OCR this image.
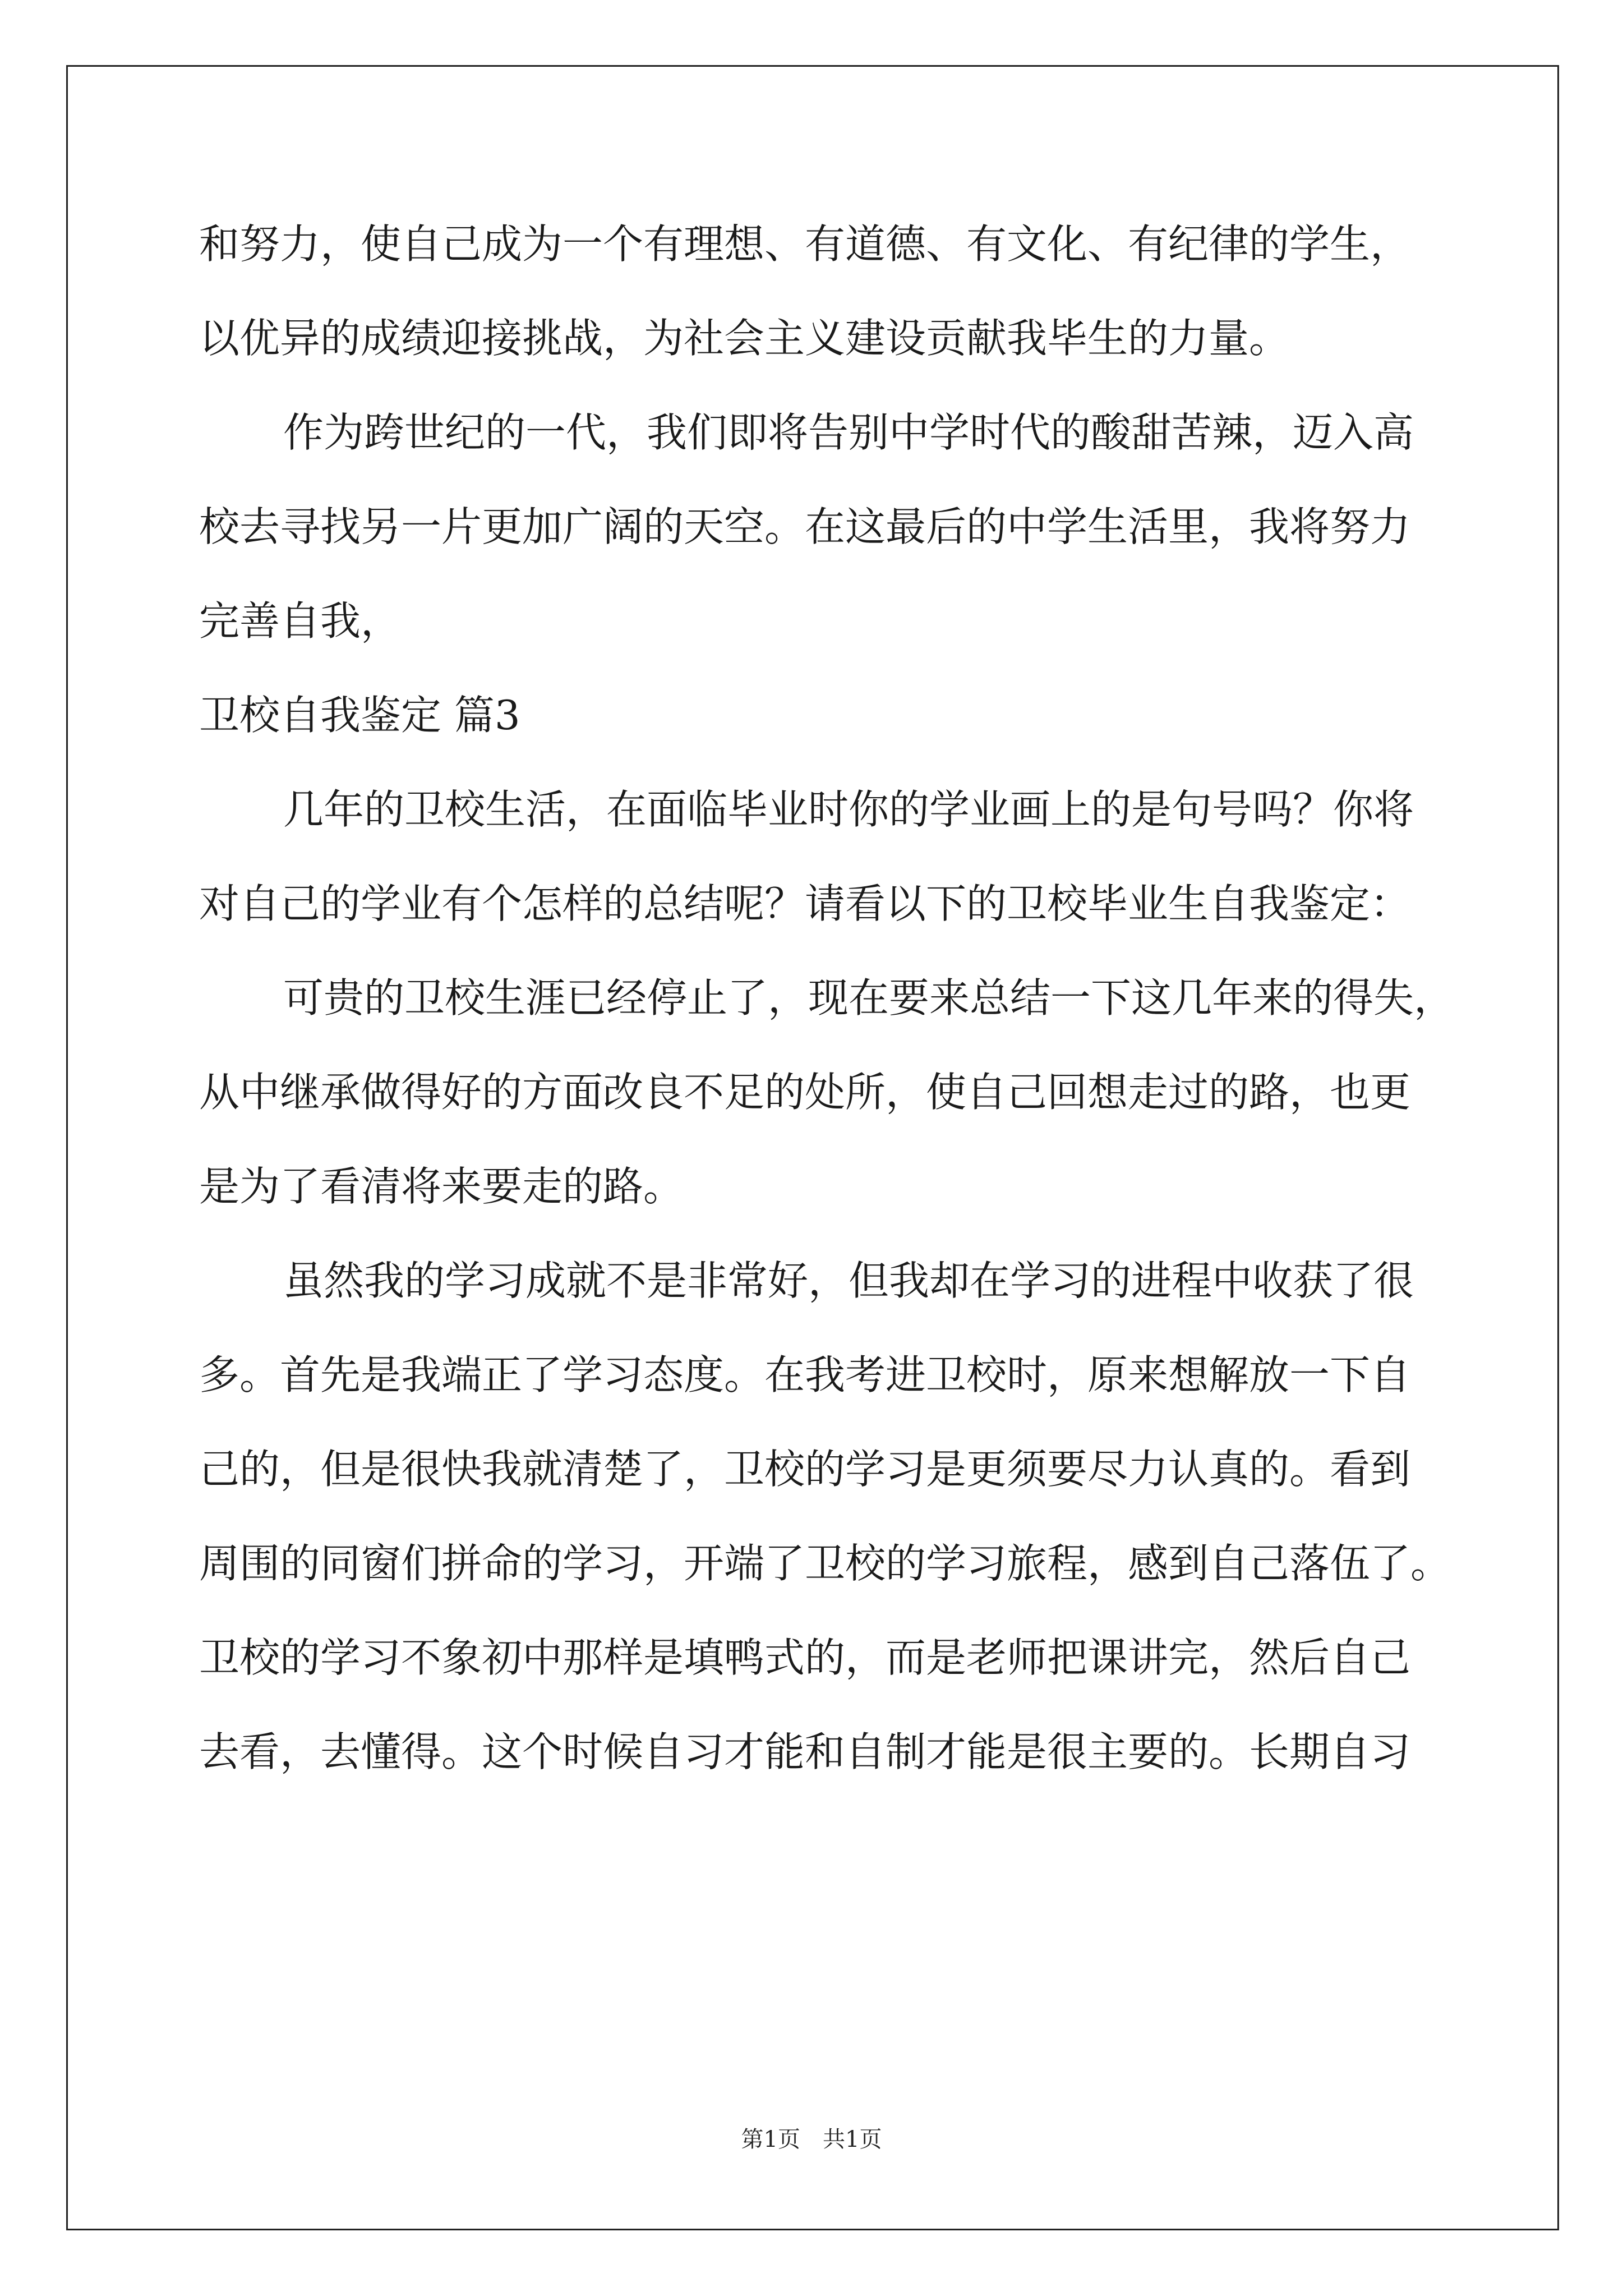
和努力，使自己成为一个有理想、有道德、有文化、有纪律的学生，
以优异的成绩迎接挑战，为社会主义建设贡献我毕生的力量。
作为跨世纪的一代，我们即将告别中学时代的酸甜苦辣，迈入高
校去寻找另一片更加广阔的天空。在这最后的中学生活里，我将努力
完善自我，
卫校自我鉴定 篇3
几年的卫校生活，在面临毕业时你的学业画上的是句号吗？你将
对自己的学业有个怎样的总结呢？请看以下的卫校毕业生自我鉴定：
可贵的卫校生涯已经停止了，现在要来总结一下这几年来的得失，
从中继承做得好的方面改良不足的处所，使自己回想走过的路，也更
是为了看清将来要走的路。
虽然我的学习成就不是非常好，但我却在学习的进程中收获了很
多。首先是我端正了学习态度。在我考进卫校时，原来想解放一下自
己的，但是很快我就清楚了，卫校的学习是更须要尽力认真的。看到
周围的同窗们拼命的学习，开端了卫校的学习旅程，感到自己落伍了。
卫校的学习不象初中那样是填鸭式的，而是老师把课讲完，然后自己
去看，去懂得。这个时候自习才能和自制才能是很主要的。长期自习
第1页　共1页
